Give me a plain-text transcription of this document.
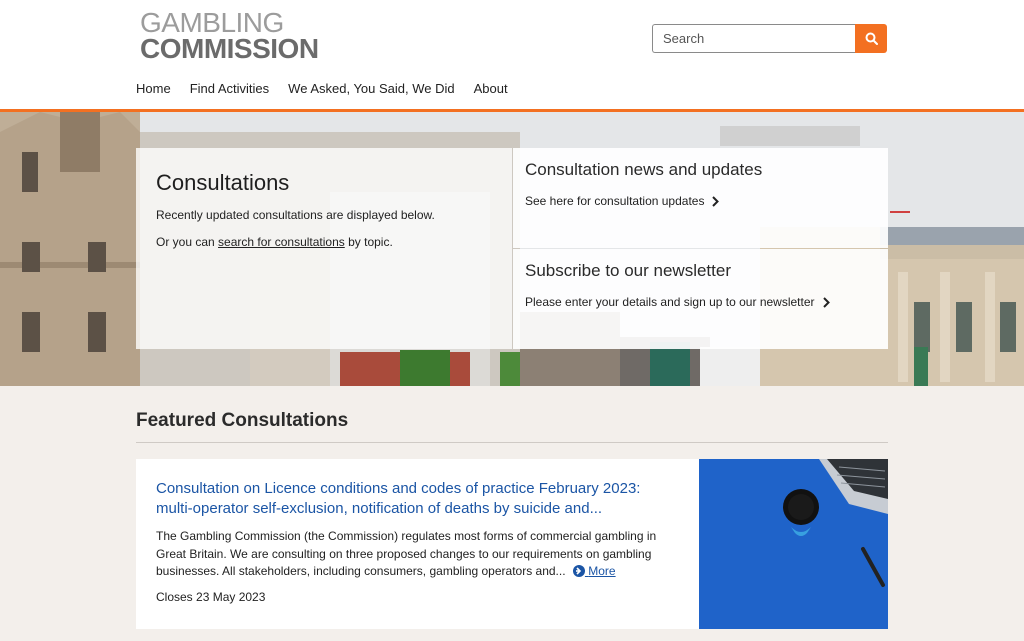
GAMBLING
COMMISSION
Search
Home Find Activities We Asked, You Said, We Did About
Consultations

Recently updated consultations are displayed below.

Or you can search for consultations by topic.

Consultation news and updates
See here for consultation updates
Subscribe to our newsletter
Please enter your details and sign up to our newsletter
Featured Consultations
Consultation on Licence conditions and codes of practice February 2023: multi-operator self-exclusion, notification of deaths by suicide and...
The Gambling Commission (the Commission) regulates most forms of commercial gambling in Great Britain. We are consulting on three proposed changes to our requirements on gambling businesses. All stakeholders, including consumers, gambling operators and... More
Closes 23 May 2023
